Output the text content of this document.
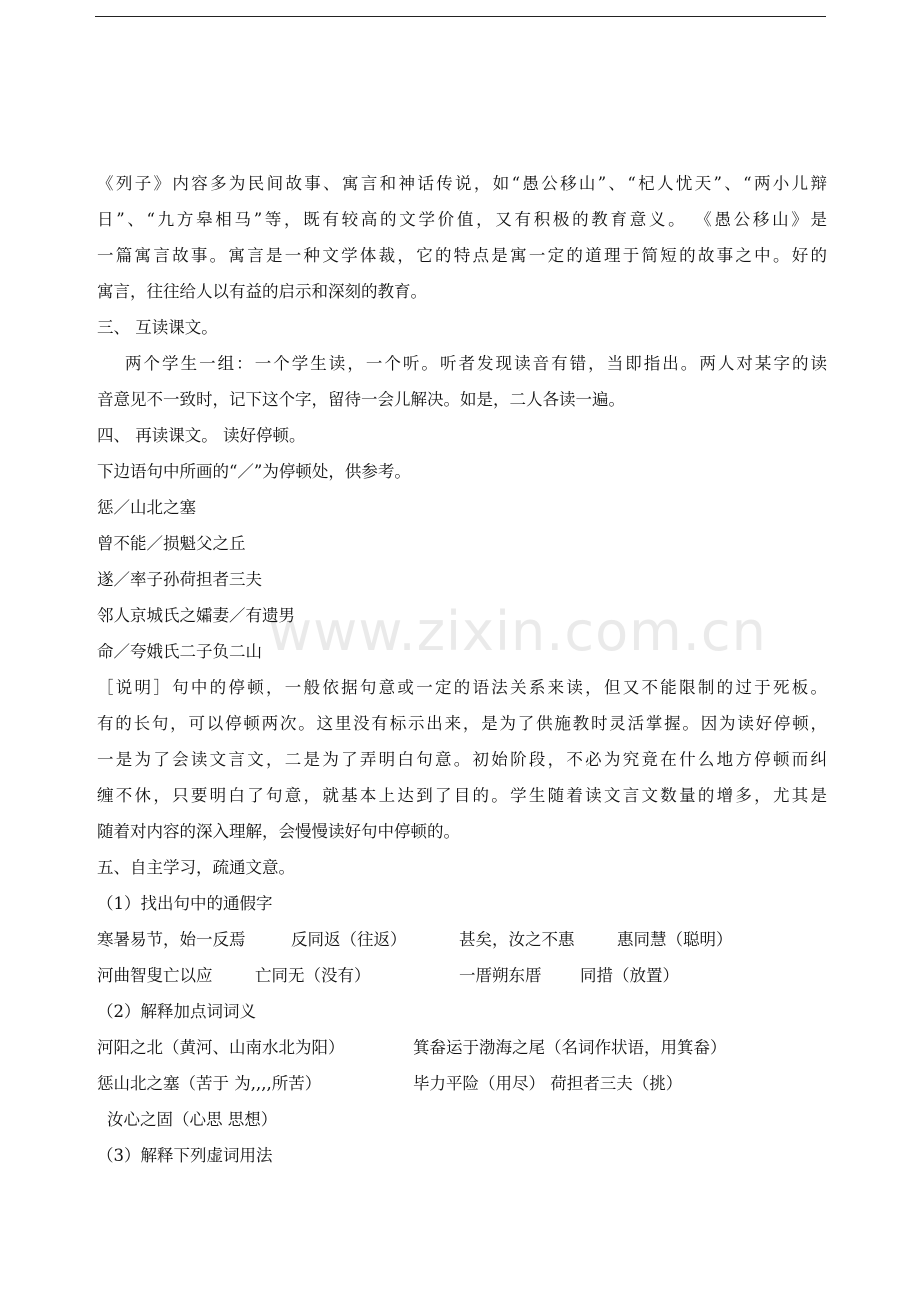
www.zixin.com.cn
《列子》内容多为民间故事、寓言和神话传说，如“愚公移山”、“杞人忧天”、“两小儿辩
日”、“九方皋相马”等，既有较高的文学价值，又有积极的教育意义。 《愚公移山》是
一篇寓言故事。寓言是一种文学体裁，它的特点是寓一定的道理于简短的故事之中。好的
寓言，往往给人以有益的启示和深刻的教育。
三、 互读课文。
两个学生一组：一个学生读，一个听。听者发现读音有错，当即指出。两人对某字的读
音意见不一致时，记下这个字，留待一会儿解决。如是，二人各读一遍。
四、 再读课文。 读好停顿。
下边语句中所画的“／”为停顿处，供参考。
惩／山北之塞
曾不能／损魁父之丘
遂／率子孙荷担者三夫
邻人京城氏之孀妻／有遗男
命／夸娥氏二子负二山
［说明］句中的停顿，一般依据句意或一定的语法关系来读，但又不能限制的过于死板。
有的长句，可以停顿两次。这里没有标示出来，是为了供施教时灵活掌握。因为读好停顿，
一是为了会读文言文，二是为了弄明白句意。初始阶段，不必为究竟在什么地方停顿而纠
缠不休，只要明白了句意，就基本上达到了目的。学生随着读文言文数量的增多，尤其是
随着对内容的深入理解，会慢慢读好句中停顿的。
五、自主学习，疏通文意。
（1）找出句中的通假字
寒暑易节，始一反焉	反同返（往返）	甚矣，汝之不惠	惠同慧（聪明）
河曲智叟亡以应	亡同无（没有）	一厝朔东厝	同措（放置）
（2）解释加点词词义
河阳之北（黄河、山南水北为阳）	箕畚运于渤海之尾（名词作状语，用箕畚）
惩山北之塞（苦于 为,,,,所苦）	毕力平险（用尽） 荷担者三夫（挑）
汝心之固（心思 思想）
（3）解释下列虚词用法
